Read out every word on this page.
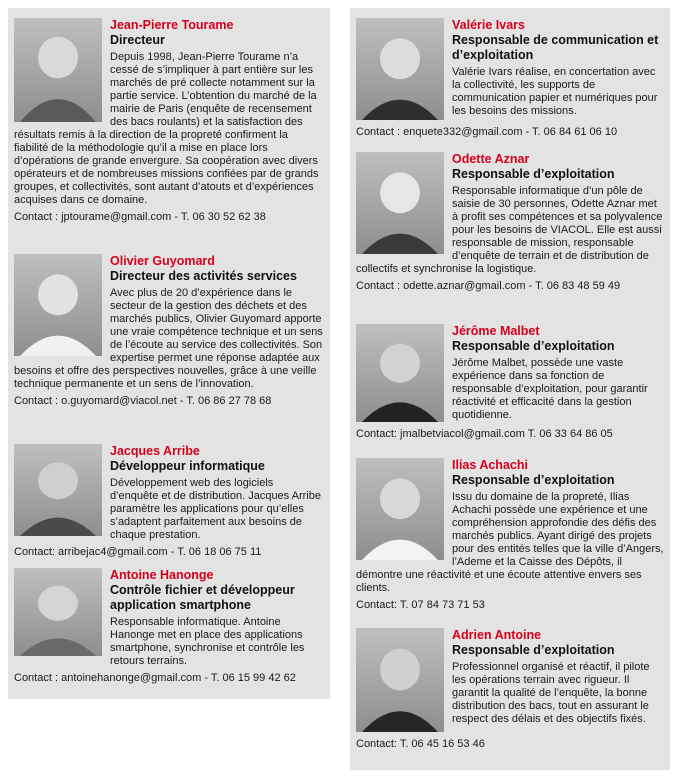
Jean-Pierre Tourame
Directeur
Depuis 1998, Jean-Pierre Tourame n’a cessé de s’impliquer à part entière sur les marchés de pré collecte notamment sur la partie service. L’obtention du marché de la mairie de Paris (enquête de recensement des bacs roulants) et la satisfaction des résultats remis à la direction de la propreté confirment la fiabilité de la méthodologie qu’il a mise en place lors d’opérations de grande envergure. Sa coopération avec divers opérateurs et de nombreuses missions confiées par de grands groupes, et collectivités, sont autant d’atouts et d’expériences acquises dans ce domaine.
Contact : jptourame@gmail.com - T. 06 30 52 62 38
Olivier Guyomard
Directeur des activités services
Avec plus de 20 d’expérience dans le secteur de la gestion des déchets et des marchés publics, Olivier Guyomard apporte une vraie compétence technique et un sens de l’écoute au service des collectivités. Son expertise permet une réponse adaptée aux besoins et offre des perspectives nouvelles, grâce à une veille technique permanente et un sens de l’innovation.
Contact : o.guyomard@viacol.net - T. 06 86 27 78 68
Jacques Arribe
Développeur informatique
Développement web des logiciels d’enquête et de distribution. Jacques Arribe paramètre les applications pour qu’elles s’adaptent parfaitement aux besoins de chaque prestation.
Contact: arribejac4@gmail.com - T. 06 18 06 75 11
Antoine Hanonge
Contrôle fichier et développeur application smartphone
Responsable informatique. Antoine Hanonge met en place des applications smartphone, synchronise et contrôle les retours terrains.
Contact : antoinehanonge@gmail.com - T. 06 15 99 42 62
Valérie Ivars
Responsable de communication et d’exploitation
Valérie Ivars réalise, en concertation avec la collectivité, les supports de communication papier et numériques pour les besoins des missions.
Contact : enquete332@gmail.com - T. 06 84 61 06 10
Odette Aznar
Responsable d’exploitation
Responsable informatique d’un pôle de saisie de 30 personnes, Odette Aznar met à profit ses compétences et sa polyvalence pour les besoins de VIACOL. Elle est aussi responsable de mission, responsable d’enquête de terrain et de distribution de collectifs et synchronise la logistique.
Contact : odette.aznar@gmail.com - T. 06 83 48 59 49
Jérôme Malbet
Responsable d’exploitation
Jérôme Malbet, possède une vaste expérience dans sa fonction de responsable d’exploitation, pour garantir réactivité et efficacité dans la gestion quotidienne.
Contact: jmalbetviacol@gmail.com T. 06 33 64 86 05
Ilias Achachi
Responsable d’exploitation
Issu du domaine de la propreté, Ilias Achachi possède une expérience et une compréhension approfondie des défis des marchés publics. Ayant dirigé des projets pour des entités telles que la ville d’Angers, l’Ademe et la Caisse des Dépôts, il démontre une réactivité et une écoute attentive envers ses clients.
Contact: T. 07 84 73 71 53
Adrien Antoine
Responsable d’exploitation
Professionnel organisé et réactif, il pilote les opérations terrain avec rigueur. Il garantit la qualité de l’enquête, la bonne distribution des bacs, tout en assurant le respect des délais et des objectifs fixés.
Contact: T. 06 45 16 53 46
